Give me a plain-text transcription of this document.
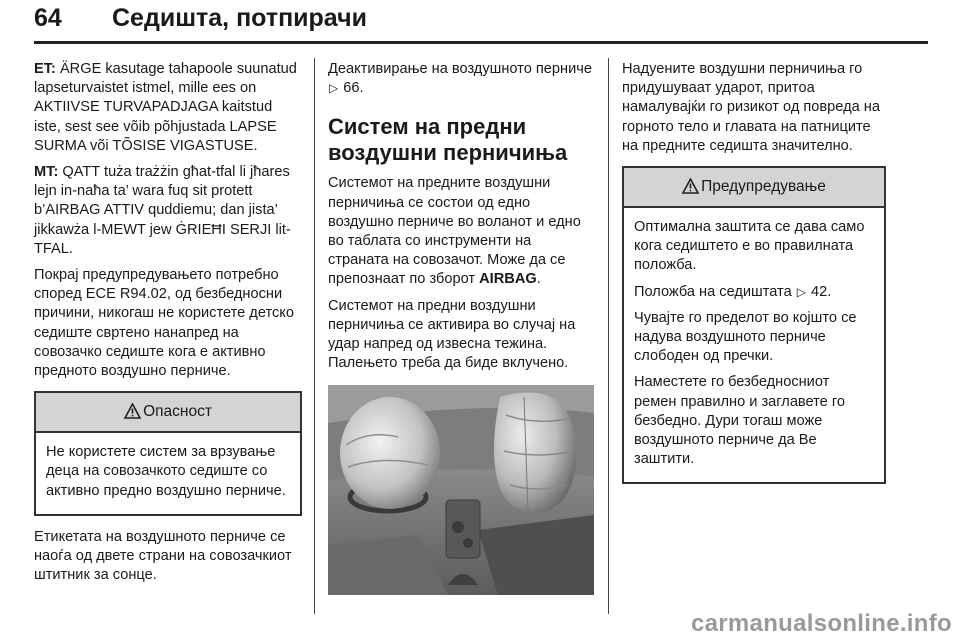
64 Седишта, потпирачи

ET: ÄRGE kasutage tahapoole suunatud lapseturvaistet istmel, mille ees on AKTIIVSE TURVAPADJAGA kaitstud iste, sest see võib põhjustada LAPSE SURMA või TÕSISE VIGASTUSE.

MT: QATT tuża trażżin għat-tfal li jħares lejn in-naħa ta’ wara fuq sit protett b’AIRBAG ATTIV quddiemu; dan jista’ jikkawża l-MEWT jew ĠRIEĦI SERJI lit-TFAL.

Покрај предупредувањето потребно според ECE R94.02, од безбедносни причини, никогаш не користете детско седиште свртено нанапред на совозачко седиште кога е активно предното воздушно перниче.

Опасност

Не користете систем за врзување деца на совозачкото седиште со активно предно воздушно перниче.

Етикетата на воздушното перниче се наоѓа од двете страни на совозачкиот штитник за сонце.

Деактивирање на воздушното перниче ▷ 66.

Систем на предни воздушни перничиња

Системот на предните воздушни перничиња се состои од едно воздушно перниче во воланот и едно во таблата со инструменти на страната на совозачот. Може да се препознаат по зборот AIRBAG.

Системот на предни воздушни перничиња се активира во случај на удар напред од извесна тежина. Палењето треба да биде вклучено.

Надуените воздушни перничиња го придушуваат ударот, притоа намалувајќи го ризикот од повреда на горното тело и главата на патниците на предните седишта значително.

Предупредување

Оптимална заштита се дава само кога седиштето е во правилната положба.

Положба на седиштата ▷ 42.

Чувајте го пределот во којшто се надува воздушното перниче слободен од пречки.

Наместете го безбедносниот ремен правилно и заглавете го безбедно. Дури тогаш може воздушното перниче да Ве заштити.

carmanualsonline.info
